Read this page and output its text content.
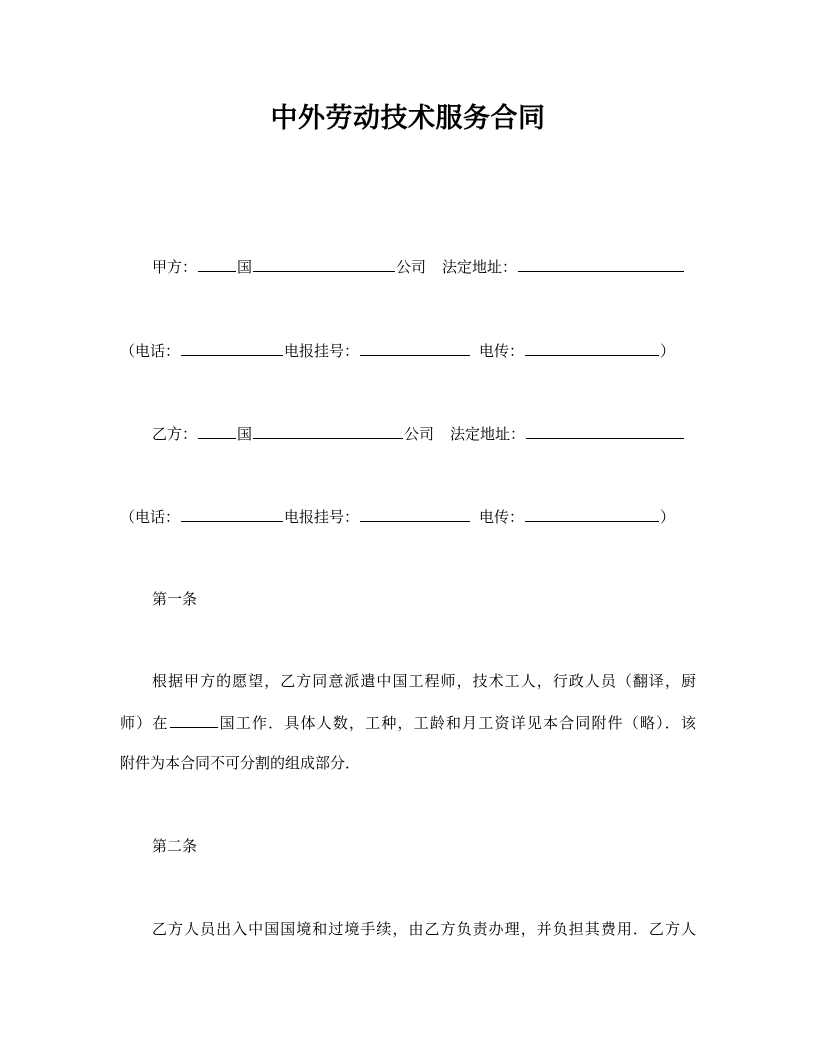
中外劳动技术服务合同
甲方：	国	公司 法定地址：
（电话：	电报挂号：	电传：	）
乙方：	国	公司 法定地址：
（电话：	电报挂号：	电传：	）
第一条
根据甲方的愿望，乙方同意派遣中国工程师，技术工人，行政人员（翻译，厨
师）在	国工作．具体人数，工种，工龄和月工资详见本合同附件（略）．该
附件为本合同不可分割的组成部分．
第二条
乙方人员出入中国国境和过境手续，由乙方负责办理，并负担其费用．乙方人
